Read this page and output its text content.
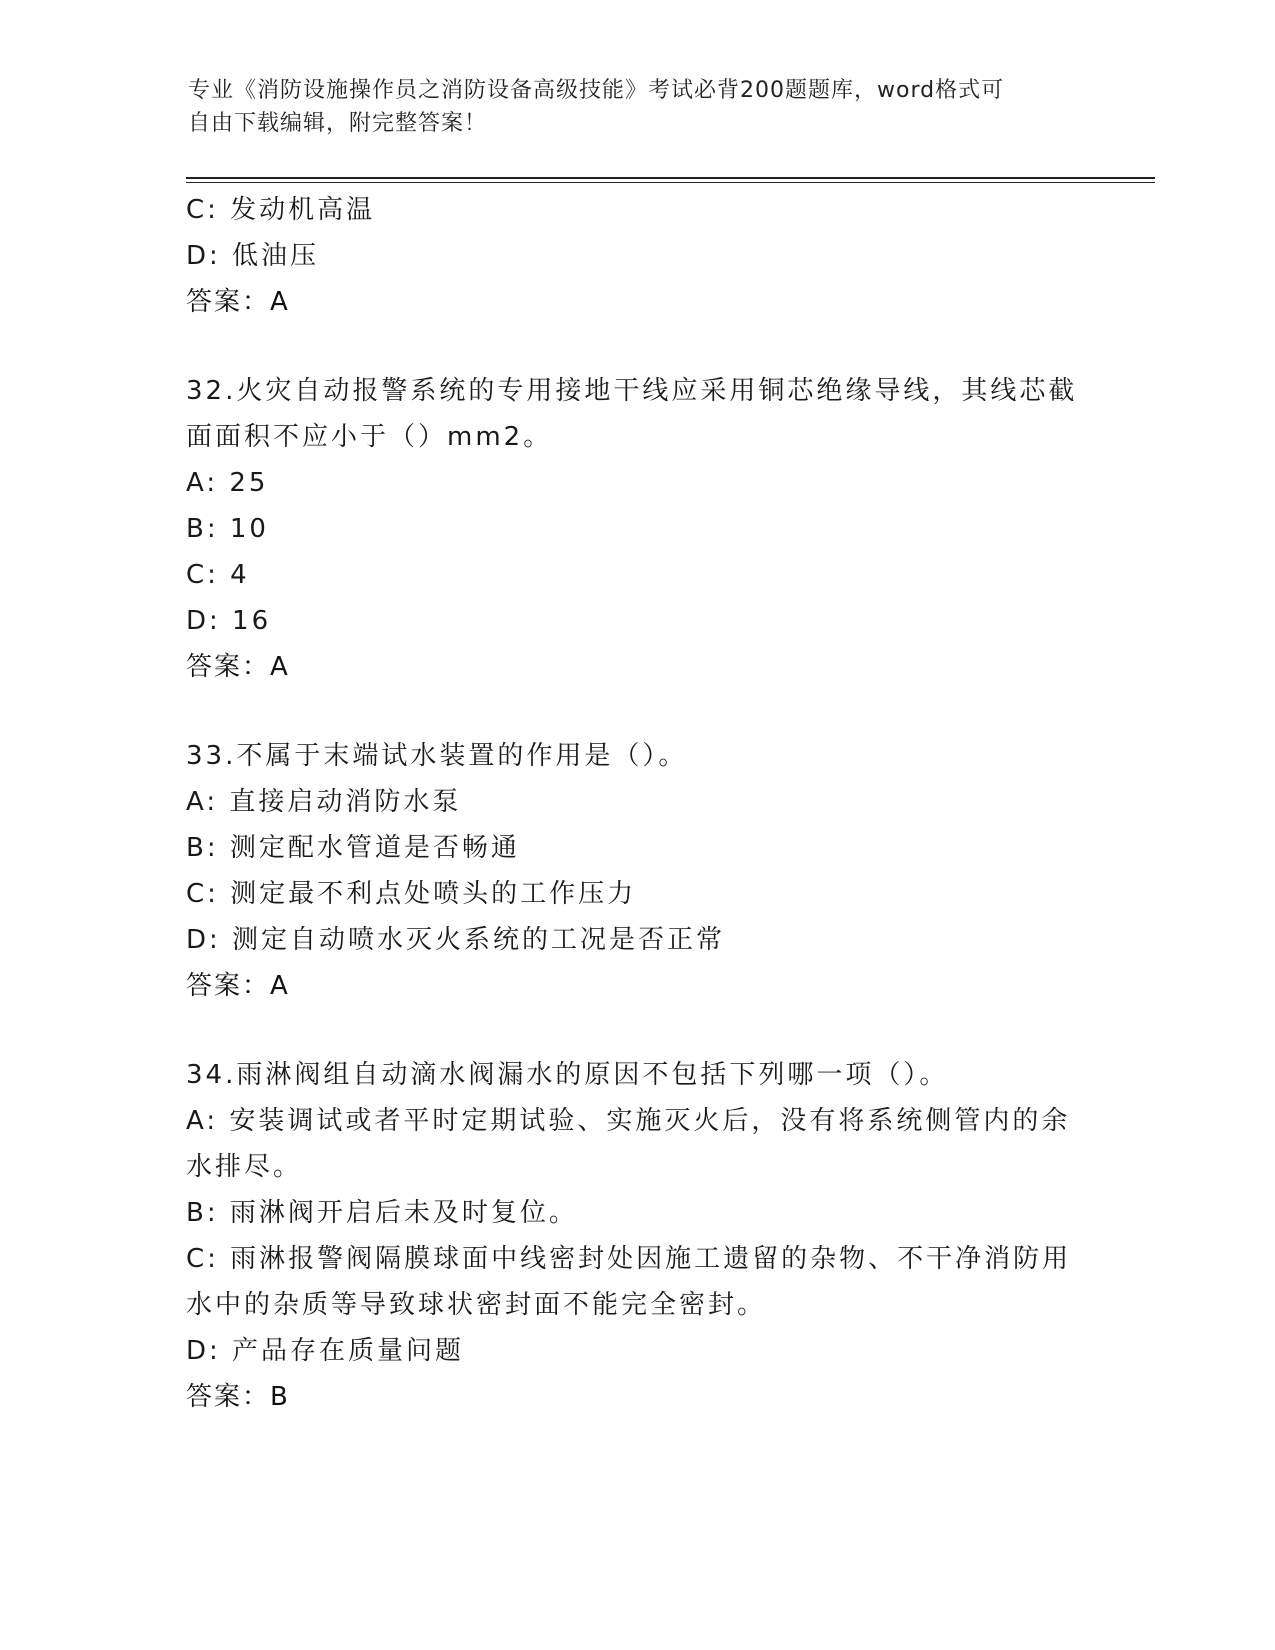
专业《消防设施操作员之消防设备高级技能》考试必背200题题库，word格式可
自由下载编辑，附完整答案！
C: 发动机高温
D: 低油压
答案：A
32.火灾自动报警系统的专用接地干线应采用铜芯绝缘导线，其线芯截
面面积不应小于（）mm2。
A: 25
B: 10
C: 4
D: 16
答案：A
33.不属于末端试水装置的作用是（）。
A: 直接启动消防水泵
B: 测定配水管道是否畅通
C: 测定最不利点处喷头的工作压力
D: 测定自动喷水灭火系统的工况是否正常
答案：A
34.雨淋阀组自动滴水阀漏水的原因不包括下列哪一项（）。
A: 安装调试或者平时定期试验、实施灭火后，没有将系统侧管内的余
水排尽。
B: 雨淋阀开启后未及时复位。
C: 雨淋报警阀隔膜球面中线密封处因施工遗留的杂物、不干净消防用
水中的杂质等导致球状密封面不能完全密封。
D: 产品存在质量问题
答案：B
